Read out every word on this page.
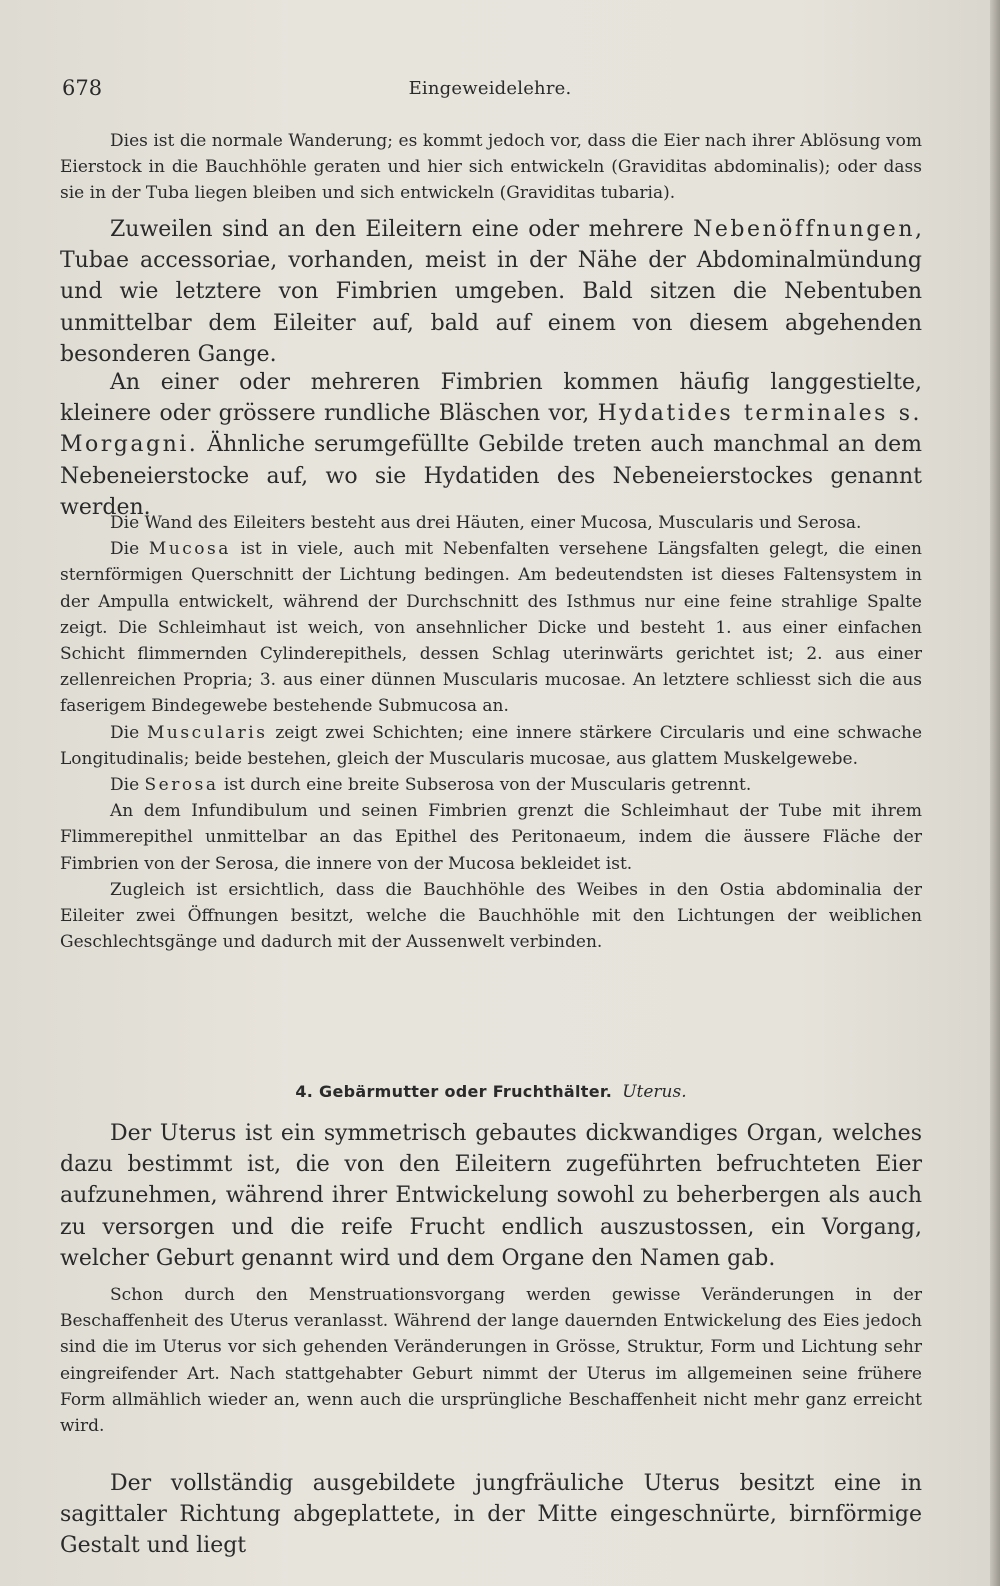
678	Eingeweidelehre.

Dies ist die normale Wanderung; es kommt jedoch vor, dass die Eier nach ihrer Ablösung vom Eierstock in die Bauchhöhle geraten und hier sich entwickeln (Graviditas abdominalis); oder dass sie in der Tuba liegen bleiben und sich entwickeln (Graviditas tubaria).

Zuweilen sind an den Eileitern eine oder mehrere Nebenöffnungen, Tubae accessoriae, vorhanden, meist in der Nähe der Abdominalmündung und wie letztere von Fimbrien umgeben. Bald sitzen die Nebentuben unmittelbar dem Eileiter auf, bald auf einem von diesem abgehenden besonderen Gange.

An einer oder mehreren Fimbrien kommen häufig langgestielte, kleinere oder grössere rundliche Bläschen vor, Hydatides terminales s. Morgagni. Ähnliche serumgefüllte Gebilde treten auch manchmal an dem Nebeneierstocke auf, wo sie Hydatiden des Nebeneierstockes genannt werden.

Die Wand des Eileiters besteht aus drei Häuten, einer Mucosa, Muscularis und Serosa.

Die Mucosa ist in viele, auch mit Nebenfalten versehene Längsfalten gelegt, die einen sternförmigen Querschnitt der Lichtung bedingen. Am bedeutendsten ist dieses Faltensystem in der Ampulla entwickelt, während der Durchschnitt des Isthmus nur eine feine strahlige Spalte zeigt. Die Schleimhaut ist weich, von ansehnlicher Dicke und besteht 1. aus einer einfachen Schicht flimmernden Cylinderepithels, dessen Schlag uterinwärts gerichtet ist; 2. aus einer zellenreichen Propria; 3. aus einer dünnen Muscularis mucosae. An letztere schliesst sich die aus faserigem Bindegewebe bestehende Submucosa an.

Die Muscularis zeigt zwei Schichten; eine innere stärkere Circularis und eine schwache Longitudinalis; beide bestehen, gleich der Muscularis mucosae, aus glattem Muskelgewebe.

Die Serosa ist durch eine breite Subserosa von der Muscularis getrennt.

An dem Infundibulum und seinen Fimbrien grenzt die Schleimhaut der Tube mit ihrem Flimmerepithel unmittelbar an das Epithel des Peritonaeum, indem die äussere Fläche der Fimbrien von der Serosa, die innere von der Mucosa bekleidet ist.

Zugleich ist ersichtlich, dass die Bauchhöhle des Weibes in den Ostia abdominalia der Eileiter zwei Öffnungen besitzt, welche die Bauchhöhle mit den Lichtungen der weiblichen Geschlechtsgänge und dadurch mit der Aussenwelt verbinden.

4. Gebärmutter oder Fruchthälter. Uterus.

Der Uterus ist ein symmetrisch gebautes dickwandiges Organ, welches dazu bestimmt ist, die von den Eileitern zugeführten befruchteten Eier aufzunehmen, während ihrer Entwickelung sowohl zu beherbergen als auch zu versorgen und die reife Frucht endlich auszustossen, ein Vorgang, welcher Geburt genannt wird und dem Organe den Namen gab.

Schon durch den Menstruationsvorgang werden gewisse Veränderungen in der Beschaffenheit des Uterus veranlasst. Während der lange dauernden Entwickelung des Eies jedoch sind die im Uterus vor sich gehenden Veränderungen in Grösse, Struktur, Form und Lichtung sehr eingreifender Art. Nach stattgehabter Geburt nimmt der Uterus im allgemeinen seine frühere Form allmählich wieder an, wenn auch die ursprüngliche Beschaffenheit nicht mehr ganz erreicht wird.

Der vollständig ausgebildete jungfräuliche Uterus besitzt eine in sagittaler Richtung abgeplattete, in der Mitte eingeschnürte, birnförmige Gestalt und liegt
